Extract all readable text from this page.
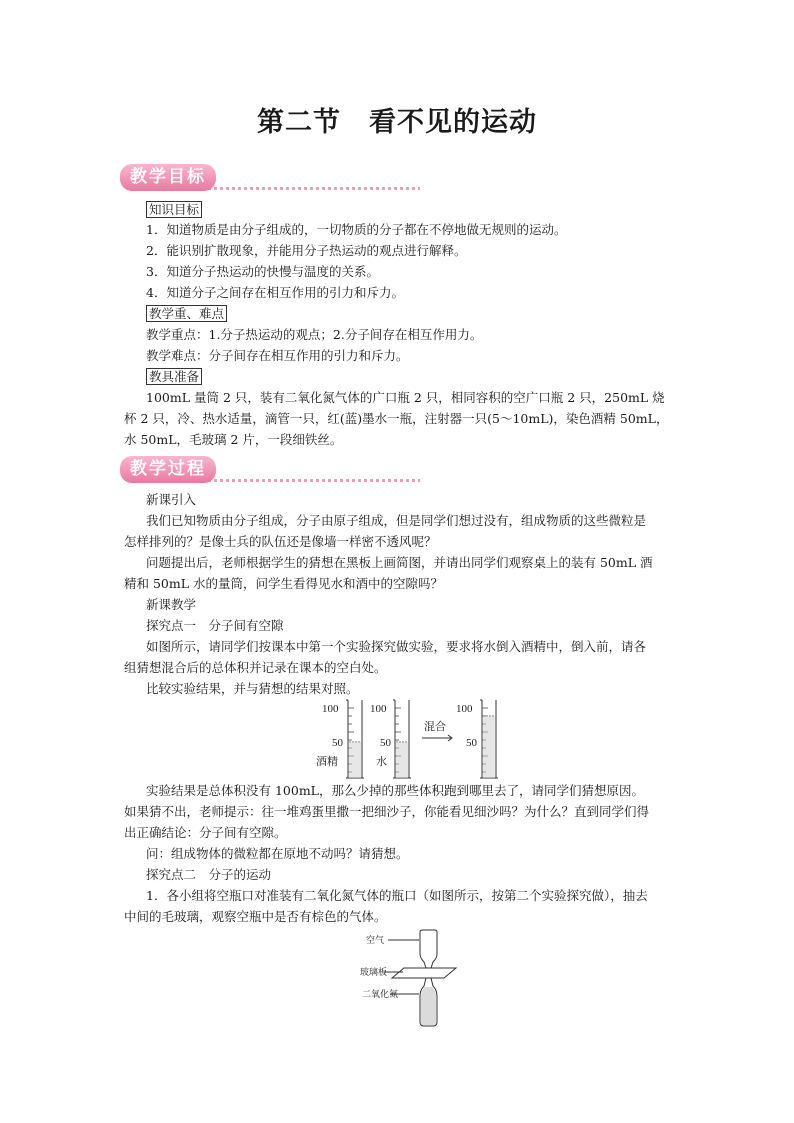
第二节　看不见的运动
教学目标
知识目标
1．知道物质是由分子组成的，一切物质的分子都在不停地做无规则的运动。
2．能识别扩散现象，并能用分子热运动的观点进行解释。
3．知道分子热运动的快慢与温度的关系。
4．知道分子之间存在相互作用的引力和斥力。
教学重、难点
教学重点：1.分子热运动的观点；2.分子间存在相互作用力。
教学难点：分子间存在相互作用的引力和斥力。
教具准备
100mL 量筒 2 只，装有二氧化氮气体的广口瓶 2 只，相同容积的空广口瓶 2 只，250mL 烧
杯 2 只，冷、热水适量，滴管一只，红(蓝)墨水一瓶，注射器一只(5～10mL)，染色酒精 50mL，
水 50mL，毛玻璃 2 片，一段细铁丝。
教学过程
新课引入
我们已知物质由分子组成，分子由原子组成，但是同学们想过没有，组成物质的这些微粒是
怎样排列的？是像士兵的队伍还是像墙一样密不透风呢？
问题提出后，老师根据学生的猜想在黑板上画简图，并请出同学们观察桌上的装有 50mL 酒
精和 50mL 水的量筒，问学生看得见水和酒中的空隙吗？
新课教学
探究点一　分子间有空隙
如图所示，请同学们按课本中第一个实验探究做实验，要求将水倒入酒精中，倒入前，请各
组猜想混合后的总体积并记录在课本的空白处。
比较实验结果，并与猜想的结果对照。
100
50
100
50
100
50
酒精	水
混合
实验结果是总体积没有 100mL，那么少掉的那些体积跑到哪里去了，请同学们猜想原因。
如果猜不出，老师提示：往一堆鸡蛋里撒一把细沙子，你能看见细沙吗？为什么？直到同学们得
出正确结论：分子间有空隙。
问：组成物体的微粒都在原地不动吗？请猜想。
探究点二　分子的运动
1．各小组将空瓶口对准装有二氧化氮气体的瓶口（如图所示，按第二个实验探究做），抽去
中间的毛玻璃，观察空瓶中是否有棕色的气体。
空气
玻璃板
二氧化氮
